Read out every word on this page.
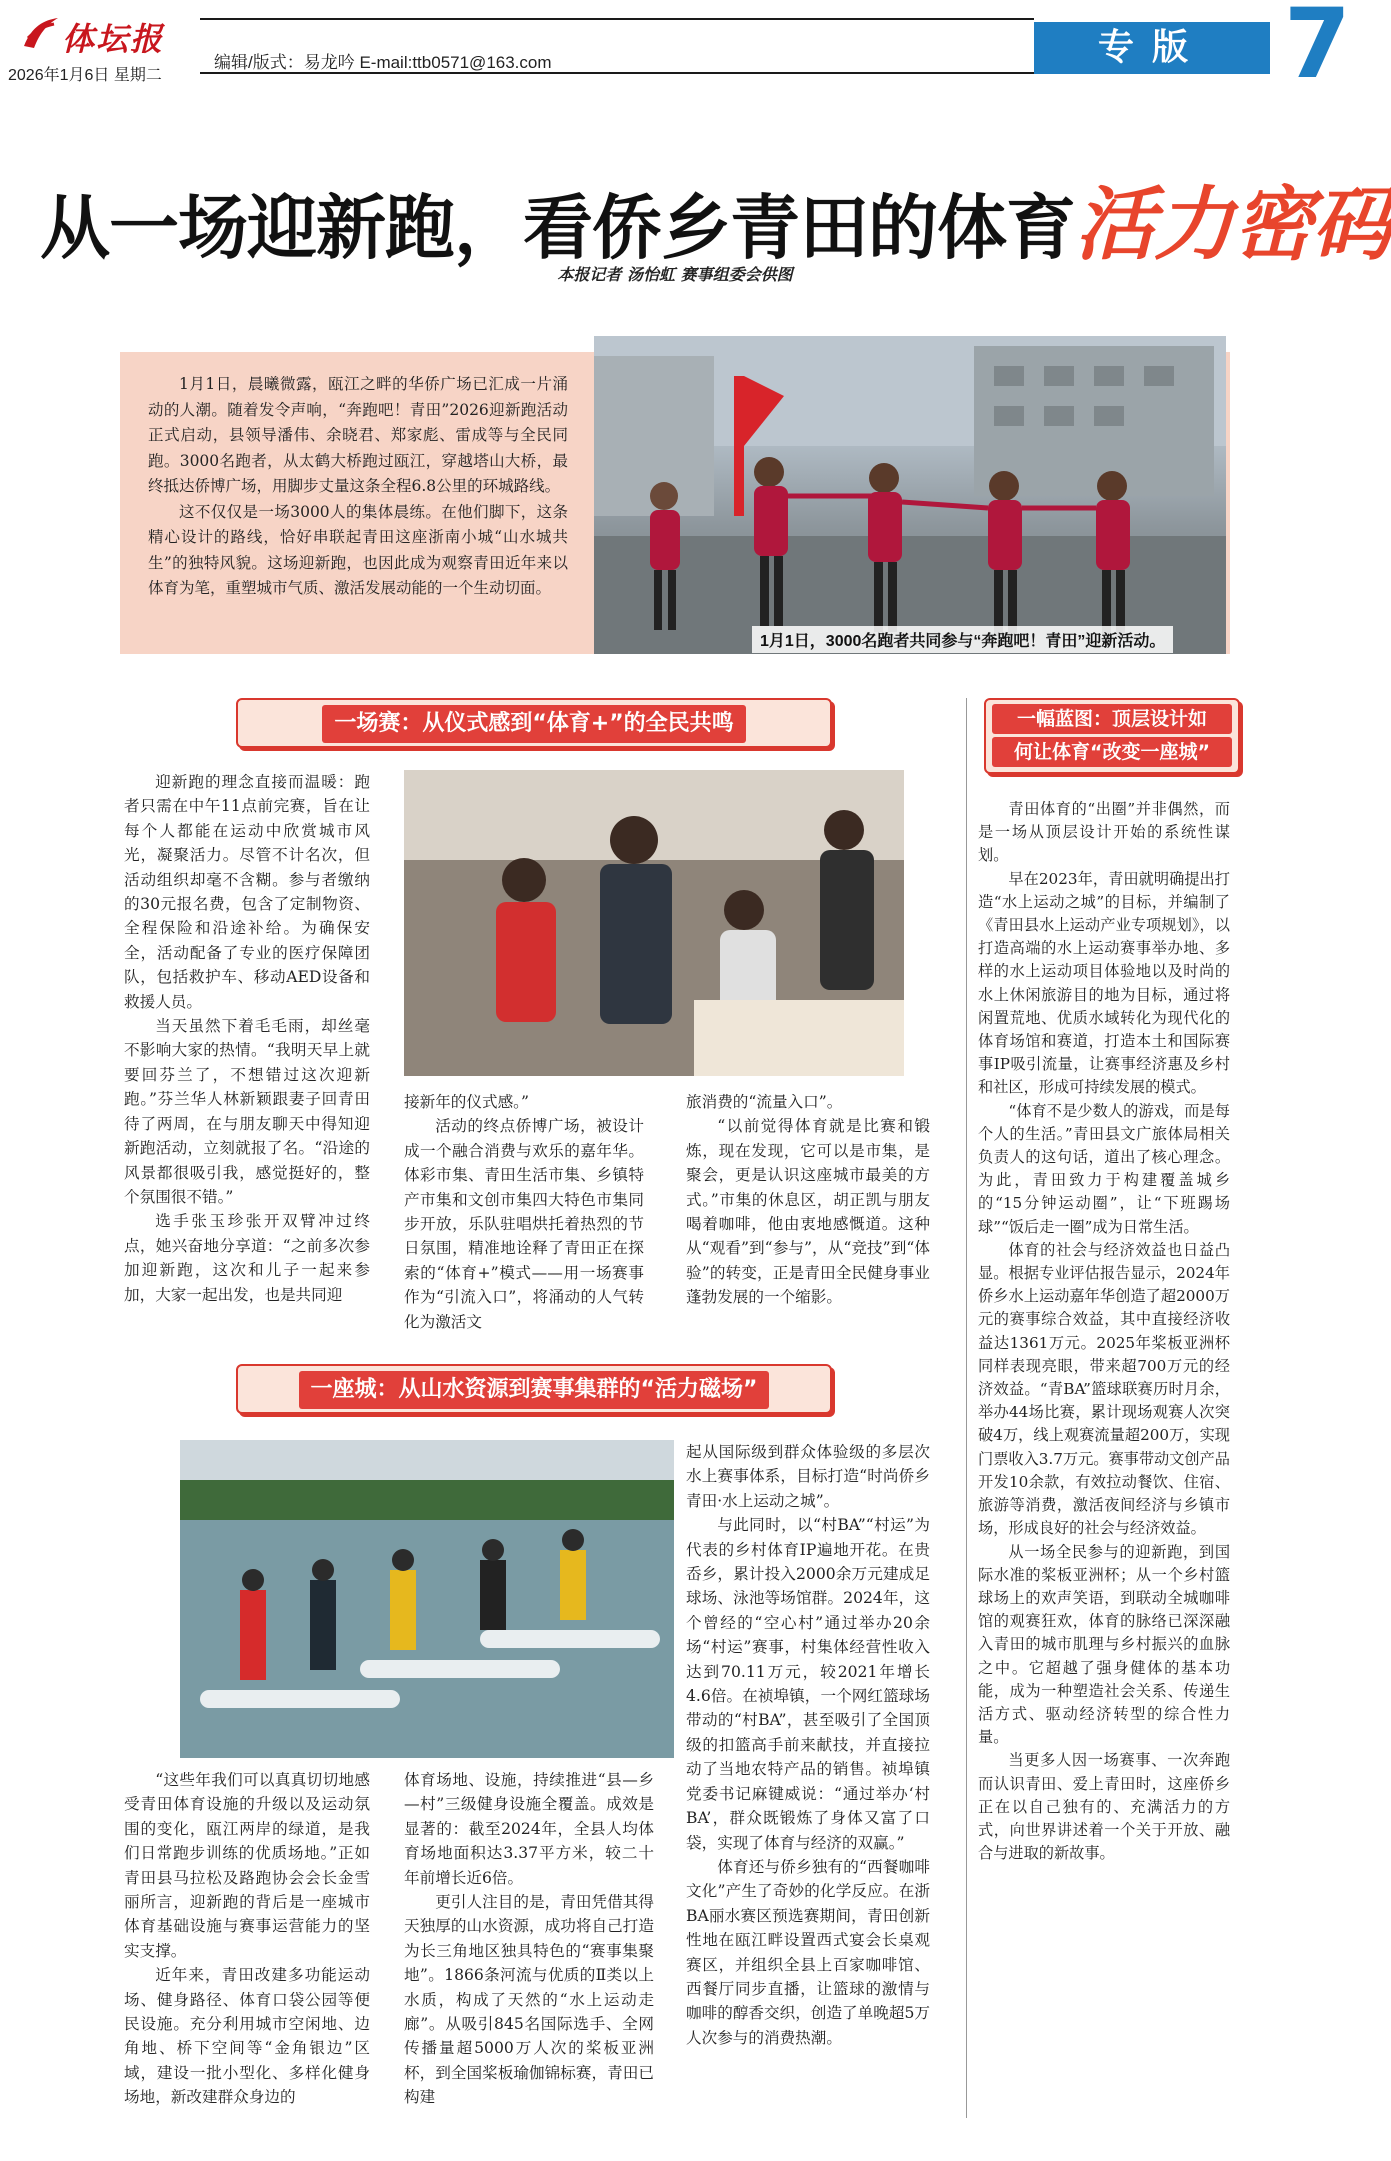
体坛报
2026年1月6日 星期二
编辑/版式：易龙吟 E-mail:ttb0571@163.com	专版 7
从一场迎新跑，看侨乡青田的体育活力密码
本报记者 汤怡虹 赛事组委会供图

1月1日，晨曦微露，瓯江之畔的华侨广场已汇成一片涌动的人潮。随着发令声响，“奔跑吧！青田”2026迎新跑活动正式启动，县领导潘伟、余晓君、郑家彪、雷成等与全民同跑。3000名跑者，从太鹤大桥跑过瓯江，穿越塔山大桥，最终抵达侨博广场，用脚步丈量这条全程6.8公里的环城路线。

这不仅仅是一场3000人的集体晨练。在他们脚下，这条精心设计的路线，恰好串联起青田这座浙南小城“山水城共生”的独特风貌。这场迎新跑，也因此成为观察青田近年来以体育为笔，重塑城市气质、激活发展动能的一个生动切面。

1月1日，3000名跑者共同参与“奔跑吧！青田”迎新活动。
一场赛：从仪式感到“体育+”的全民共鸣

迎新跑的理念直接而温暖：跑者只需在中午11点前完赛，旨在让每个人都能在运动中欣赏城市风光，凝聚活力。尽管不计名次，但活动组织却毫不含糊。参与者缴纳的30元报名费，包含了定制物资、全程保险和沿途补给。为确保安全，活动配备了专业的医疗保障团队，包括救护车、移动AED设备和救援人员。

当天虽然下着毛毛雨，却丝毫不影响大家的热情。“我明天早上就要回芬兰了，不想错过这次迎新跑。”芬兰华人林新颖跟妻子回青田待了两周，在与朋友聊天中得知迎新跑活动，立刻就报了名。“沿途的风景都很吸引我，感觉挺好的，整个氛围很不错。”

选手张玉珍张开双臂冲过终点，她兴奋地分享道：“之前多次参加迎新跑，这次和儿子一起来参加，大家一起出发，也是共同迎

接新年的仪式感。”

活动的终点侨博广场，被设计成一个融合消费与欢乐的嘉年华。体彩市集、青田生活市集、乡镇特产市集和文创市集四大特色市集同步开放，乐队驻唱烘托着热烈的节日氛围，精准地诠释了青田正在探索的“体育+”模式——用一场赛事作为“引流入口”，将涌动的人气转化为激活文

旅消费的“流量入口”。

“以前觉得体育就是比赛和锻炼，现在发现，它可以是市集，是聚会，更是认识这座城市最美的方式。”市集的休息区，胡正凯与朋友喝着咖啡，他由衷地感慨道。这种从“观看”到“参与”，从“竞技”到“体验”的转变，正是青田全民健身事业蓬勃发展的一个缩影。

一座城：从山水资源到赛事集群的“活力磁场”

起从国际级到群众体验级的多层次水上赛事体系，目标打造“时尚侨乡青田·水上运动之城”。

与此同时，以“村BA”“村运”为代表的乡村体育IP遍地开花。在贵岙乡，累计投入2000余万元建成足球场、泳池等场馆群。2024年，这个曾经的“空心村”通过举办20余场“村运”赛事，村集体经营性收入达到70.11万元，较2021年增长4.6倍。在祯埠镇，一个网红篮球场带动的“村BA”，甚至吸引了全国顶级的扣篮高手前来献技，并直接拉动了当地农特产品的销售。祯埠镇党委书记麻键威说：“通过举办‘村BA’，群众既锻炼了身体又富了口袋，实现了体育与经济的双赢。”

体育还与侨乡独有的“西餐咖啡文化”产生了奇妙的化学反应。在浙BA丽水赛区预选赛期间，青田创新性地在瓯江畔设置西式宴会长桌观赛区，并组织全县上百家咖啡馆、西餐厅同步直播，让篮球的激情与咖啡的醇香交织，创造了单晚超5万人次参与的消费热潮。

“这些年我们可以真真切切地感受青田体育设施的升级以及运动氛围的变化，瓯江两岸的绿道，是我们日常跑步训练的优质场地。”正如青田县马拉松及路跑协会会长金雪丽所言，迎新跑的背后是一座城市体育基础设施与赛事运营能力的坚实支撑。

近年来，青田改建多功能运动场、健身路径、体育口袋公园等便民设施。充分利用城市空闲地、边角地、桥下空间等“金角银边”区域，建设一批小型化、多样化健身场地，新改建群众身边的

体育场地、设施，持续推进“县—乡—村”三级健身设施全覆盖。成效是显著的：截至2024年，全县人均体育场地面积达3.37平方米，较二十年前增长近6倍。

更引人注目的是，青田凭借其得天独厚的山水资源，成功将自己打造为长三角地区独具特色的“赛事集聚地”。1866条河流与优质的Ⅱ类以上水质，构成了天然的“水上运动走廊”。从吸引845名国际选手、全网传播量超5000万人次的桨板亚洲杯，到全国桨板瑜伽锦标赛，青田已构建

一幅蓝图：顶层设计如
何让体育“改变一座城”

青田体育的“出圈”并非偶然，而是一场从顶层设计开始的系统性谋划。

早在2023年，青田就明确提出打造“水上运动之城”的目标，并编制了《青田县水上运动产业专项规划》，以打造高端的水上运动赛事举办地、多样的水上运动项目体验地以及时尚的水上休闲旅游目的地为目标，通过将闲置荒地、优质水域转化为现代化的体育场馆和赛道，打造本土和国际赛事IP吸引流量，让赛事经济惠及乡村和社区，形成可持续发展的模式。

“体育不是少数人的游戏，而是每个人的生活。”青田县文广旅体局相关负责人的这句话，道出了核心理念。为此，青田致力于构建覆盖城乡的“15分钟运动圈”，让“下班踢场球”“饭后走一圈”成为日常生活。

体育的社会与经济效益也日益凸显。根据专业评估报告显示，2024年侨乡水上运动嘉年华创造了超2000万元的赛事综合效益，其中直接经济收益达1361万元。2025年桨板亚洲杯同样表现亮眼，带来超700万元的经济效益。“青BA”篮球联赛历时月余，举办44场比赛，累计现场观赛人次突破4万，线上观赛流量超200万，实现门票收入3.7万元。赛事带动文创产品开发10余款，有效拉动餐饮、住宿、旅游等消费，激活夜间经济与乡镇市场，形成良好的社会与经济效益。

从一场全民参与的迎新跑，到国际水准的桨板亚洲杯；从一个乡村篮球场上的欢声笑语，到联动全城咖啡馆的观赛狂欢，体育的脉络已深深融入青田的城市肌理与乡村振兴的血脉之中。它超越了强身健体的基本功能，成为一种塑造社会关系、传递生活方式、驱动经济转型的综合性力量。

当更多人因一场赛事、一次奔跑而认识青田、爱上青田时，这座侨乡正在以自己独有的、充满活力的方式，向世界讲述着一个关于开放、融合与进取的新故事。
